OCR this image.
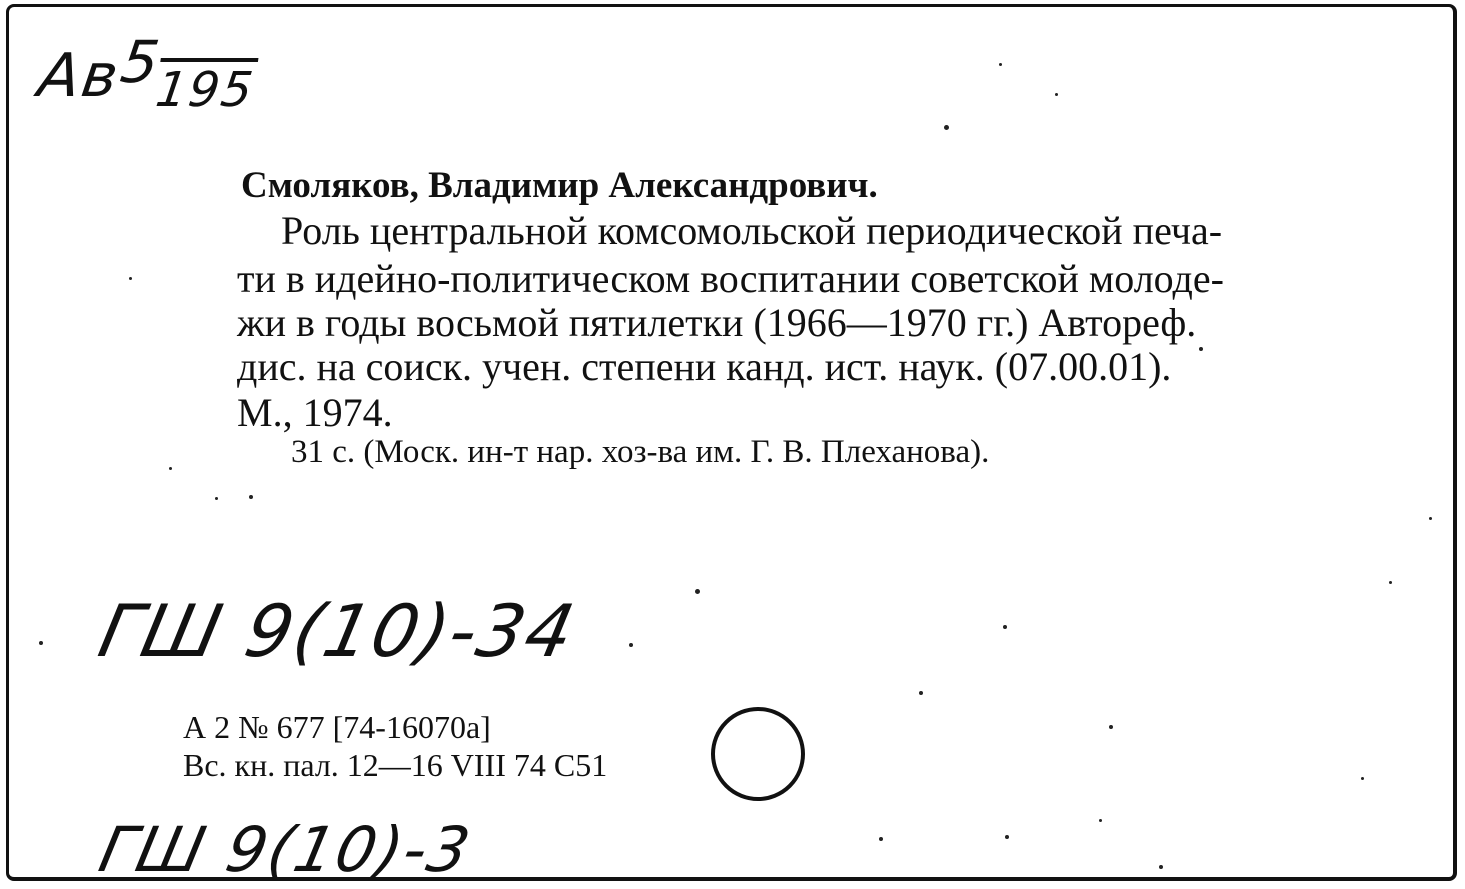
Ав5195
Смоляков, Владимир Александрович.
Роль центральной комсомольской периодической печа-
ти в идейно-политическом воспитании советской молоде-
жи в годы восьмой пятилетки (1966—1970 гг.) Автореф.
дис. на соиск. учен. степени канд. ист. наук. (07.00.01).
М., 1974.
31 с. (Моск. ин-т нар. хоз-ва им. Г. В. Плеханова).
ГШ 9(10)-34
А 2 № 677 [74-16070а]
Вс. кн. пал. 12—16 VIII 74 С51
ГШ 9(10)-3
